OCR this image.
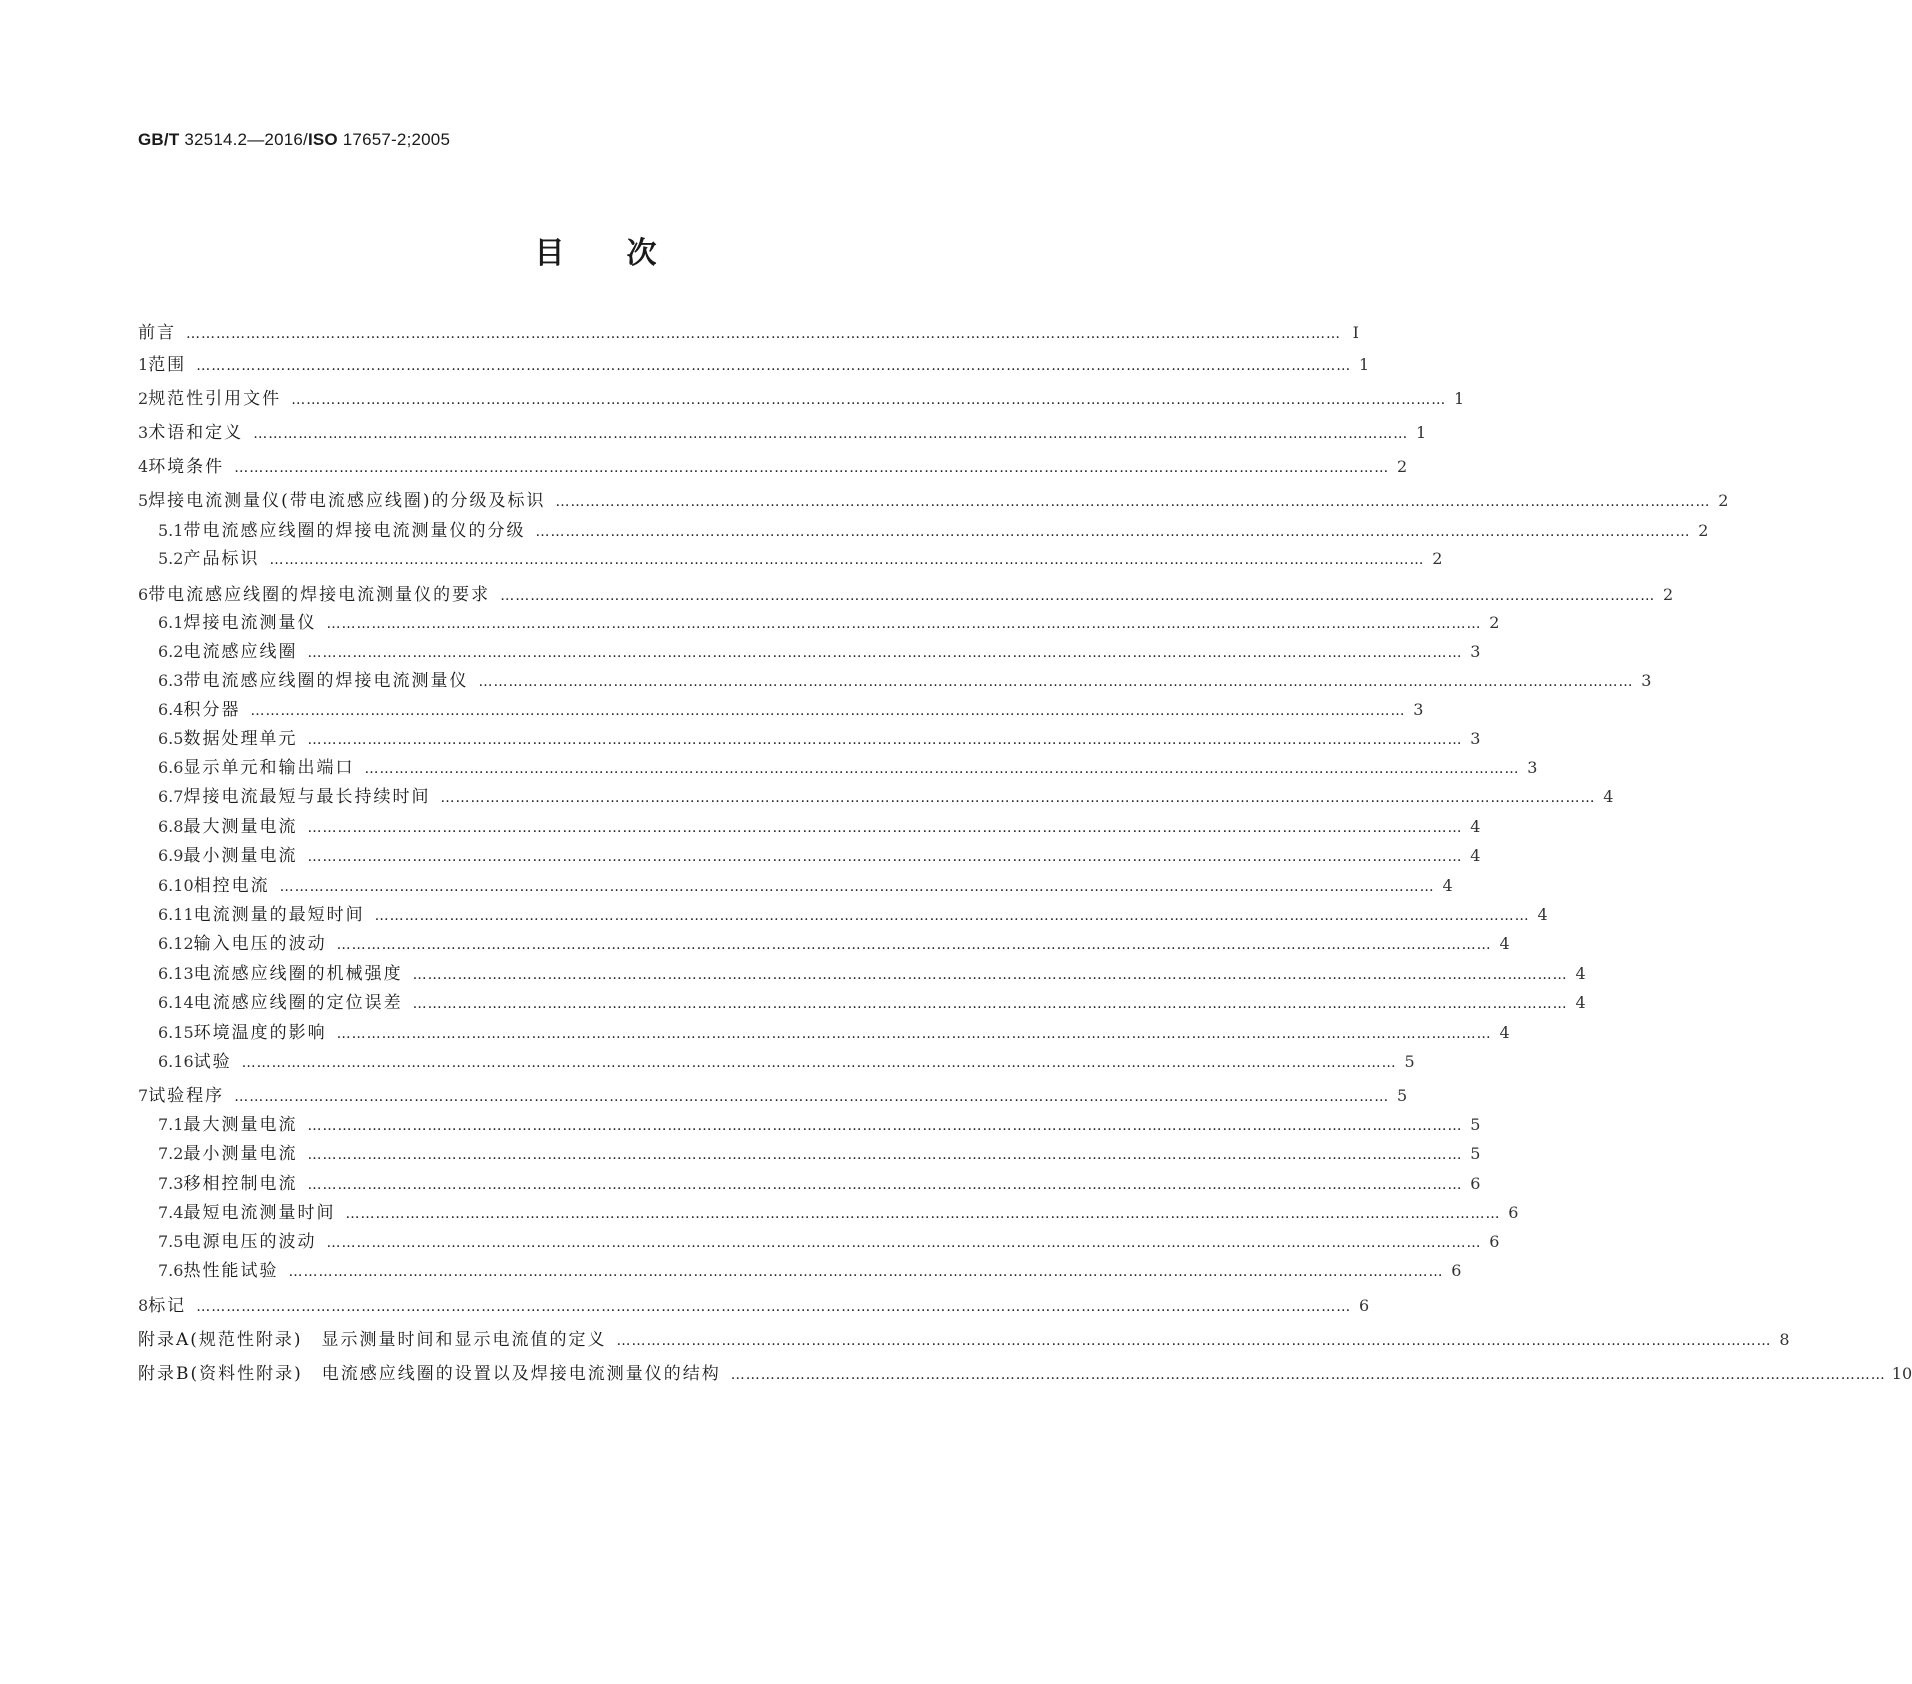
GB/T 32514.2—2016/ISO 17657-2;2005
目次
前言 …………………………………………………………………………………………………………………………………………………………………………………………………………… Ⅰ
1 范围 …………………………………………………………………………………………………………………………………………………………………………………………………………… 1
2 规范性引用文件 …………………………………………………………………………………………………………………………………………………………………………………………………………… 1
3 术语和定义 …………………………………………………………………………………………………………………………………………………………………………………………………………… 1
4 环境条件 …………………………………………………………………………………………………………………………………………………………………………………………………………… 2
5 焊接电流测量仪(带电流感应线圈)的分级及标识 …………………………………………………………………………………………………………………………………………………………………………………………………………… 2
5.1 带电流感应线圈的焊接电流测量仪的分级 …………………………………………………………………………………………………………………………………………………………………………………………………………… 2
5.2 产品标识 …………………………………………………………………………………………………………………………………………………………………………………………………………… 2
6 带电流感应线圈的焊接电流测量仪的要求 …………………………………………………………………………………………………………………………………………………………………………………………………………… 2
6.1 焊接电流测量仪 …………………………………………………………………………………………………………………………………………………………………………………………………………… 2
6.2 电流感应线圈 …………………………………………………………………………………………………………………………………………………………………………………………………………… 3
6.3 带电流感应线圈的焊接电流测量仪 …………………………………………………………………………………………………………………………………………………………………………………………………………… 3
6.4 积分器 …………………………………………………………………………………………………………………………………………………………………………………………………………… 3
6.5 数据处理单元 …………………………………………………………………………………………………………………………………………………………………………………………………………… 3
6.6 显示单元和输出端口 …………………………………………………………………………………………………………………………………………………………………………………………………………… 3
6.7 焊接电流最短与最长持续时间 …………………………………………………………………………………………………………………………………………………………………………………………………………… 4
6.8 最大测量电流 …………………………………………………………………………………………………………………………………………………………………………………………………………… 4
6.9 最小测量电流 …………………………………………………………………………………………………………………………………………………………………………………………………………… 4
6.10 相控电流 …………………………………………………………………………………………………………………………………………………………………………………………………………… 4
6.11 电流测量的最短时间 …………………………………………………………………………………………………………………………………………………………………………………………………………… 4
6.12 输入电压的波动 …………………………………………………………………………………………………………………………………………………………………………………………………………… 4
6.13 电流感应线圈的机械强度 …………………………………………………………………………………………………………………………………………………………………………………………………………… 4
6.14 电流感应线圈的定位误差 …………………………………………………………………………………………………………………………………………………………………………………………………………… 4
6.15 环境温度的影响 …………………………………………………………………………………………………………………………………………………………………………………………………………… 4
6.16 试验 …………………………………………………………………………………………………………………………………………………………………………………………………………… 5
7 试验程序 …………………………………………………………………………………………………………………………………………………………………………………………………………… 5
7.1 最大测量电流 …………………………………………………………………………………………………………………………………………………………………………………………………………… 5
7.2 最小测量电流 …………………………………………………………………………………………………………………………………………………………………………………………………………… 5
7.3 移相控制电流 …………………………………………………………………………………………………………………………………………………………………………………………………………… 6
7.4 最短电流测量时间 …………………………………………………………………………………………………………………………………………………………………………………………………………… 6
7.5 电源电压的波动 …………………………………………………………………………………………………………………………………………………………………………………………………………… 6
7.6 热性能试验 …………………………………………………………………………………………………………………………………………………………………………………………………………… 6
8 标记 …………………………………………………………………………………………………………………………………………………………………………………………………………… 6
附录A(规范性附录)　显示测量时间和显示电流值的定义 …………………………………………………………………………………………………………………………………………………………………………………………………………… 8
附录B(资料性附录)　电流感应线圈的设置以及焊接电流测量仪的结构 …………………………………………………………………………………………………………………………………………………………………………………………………………… 10
